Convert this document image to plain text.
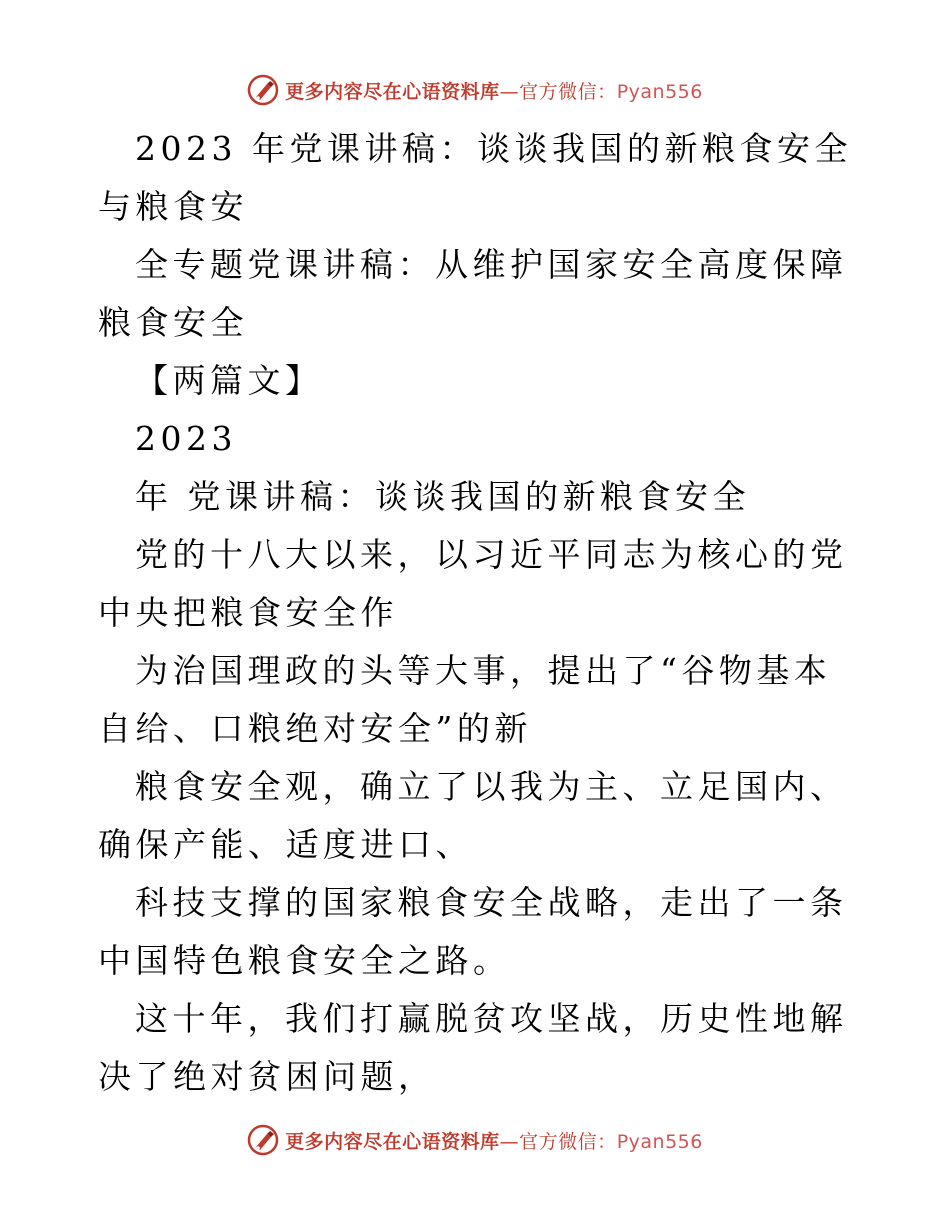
更多内容尽在心语资料库—官方微信：Pyan556

2023 年党课讲稿：谈谈我国的新粮食安全与粮食安

全专题党课讲稿：从维护国家安全高度保障粮食安全

【两篇文】

2023

年 党课讲稿：谈谈我国的新粮食安全

党的十八大以来，以习近平同志为核心的党中央把粮食安全作

为治国理政的头等大事，提出了“谷物基本自给、口粮绝对安全”的新

粮食安全观，确立了以我为主、立足国内、确保产能、适度进口、

科技支撑的国家粮食安全战略，走出了一条中国特色粮食安全之路。

这十年，我们打赢脱贫攻坚战，历史性地解决了绝对贫困问题，

更多内容尽在心语资料库—官方微信：Pyan556
